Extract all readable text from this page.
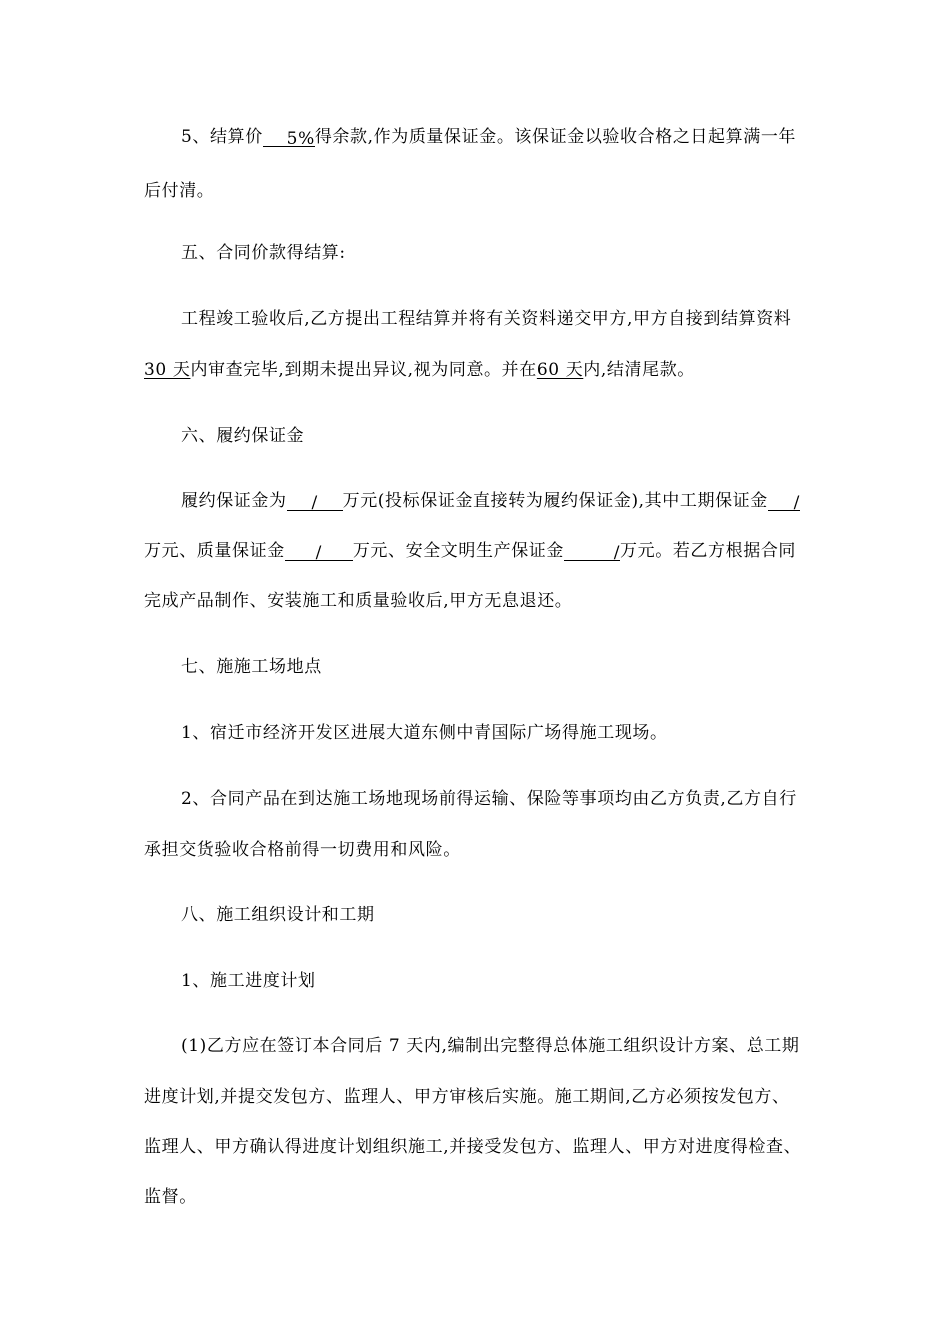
5、结算价 5%得余款,作为质量保证金。该保证金以验收合格之日起算满一年
后付清。
五、合同价款得结算:
工程竣工验收后,乙方提出工程结算并将有关资料递交甲方,甲方自接到结算资料
30 天内审查完毕,到期未提出异议,视为同意。并在60 天内,结清尾款。
六、履约保证金
履约保证金为 / 万元(投标保证金直接转为履约保证金),其中工期保证金 /
万元、质量保证金 / 万元、安全文明生产保证金	/万元。若乙方根据合同
完成产品制作、安装施工和质量验收后,甲方无息退还。
七、施施工场地点
1、宿迁市经济开发区进展大道东侧中青国际广场得施工现场。
2、合同产品在到达施工场地现场前得运输、保险等事项均由乙方负责,乙方自行
承担交货验收合格前得一切费用和风险。
八、施工组织设计和工期
1、施工进度计划
(1)乙方应在签订本合同后 7 天内,编制出完整得总体施工组织设计方案、总工期
进度计划,并提交发包方、监理人、甲方审核后实施。施工期间,乙方必须按发包方、
监理人、甲方确认得进度计划组织施工,并接受发包方、监理人、甲方对进度得检查、
监督。
